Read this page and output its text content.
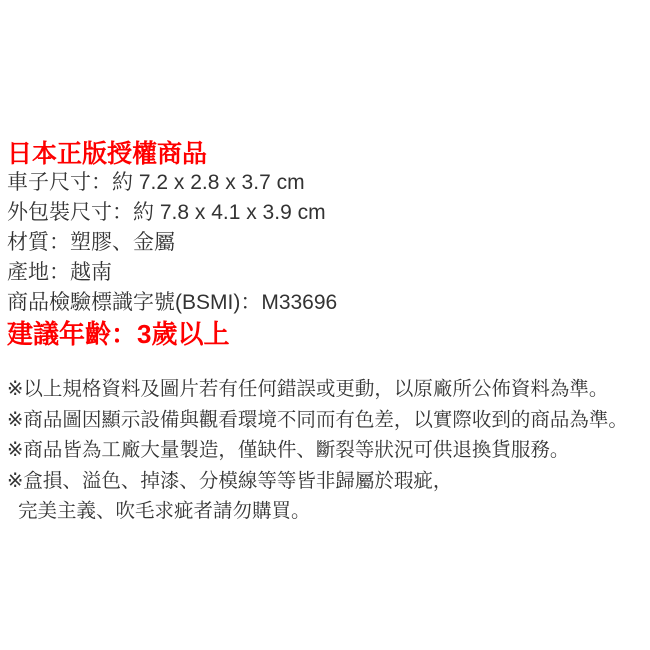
日本正版授權商品

車子尺寸：約 7.2 x 2.8 x 3.7 cm

外包裝尺寸：約 7.8 x 4.1 x 3.9 cm

材質：塑膠、金屬

產地：越南

商品檢驗標識字號(BSMI)：M33696

建議年齡：3歲以上

※以上規格資料及圖片若有任何錯誤或更動，以原廠所公佈資料為準。

※商品圖因顯示設備與觀看環境不同而有色差，以實際收到的商品為準。

※商品皆為工廠大量製造，僅缺件、斷裂等狀況可供退換貨服務。

※盒損、溢色、掉漆、分模線等等皆非歸屬於瑕疵，

完美主義、吹毛求疵者請勿購買。
